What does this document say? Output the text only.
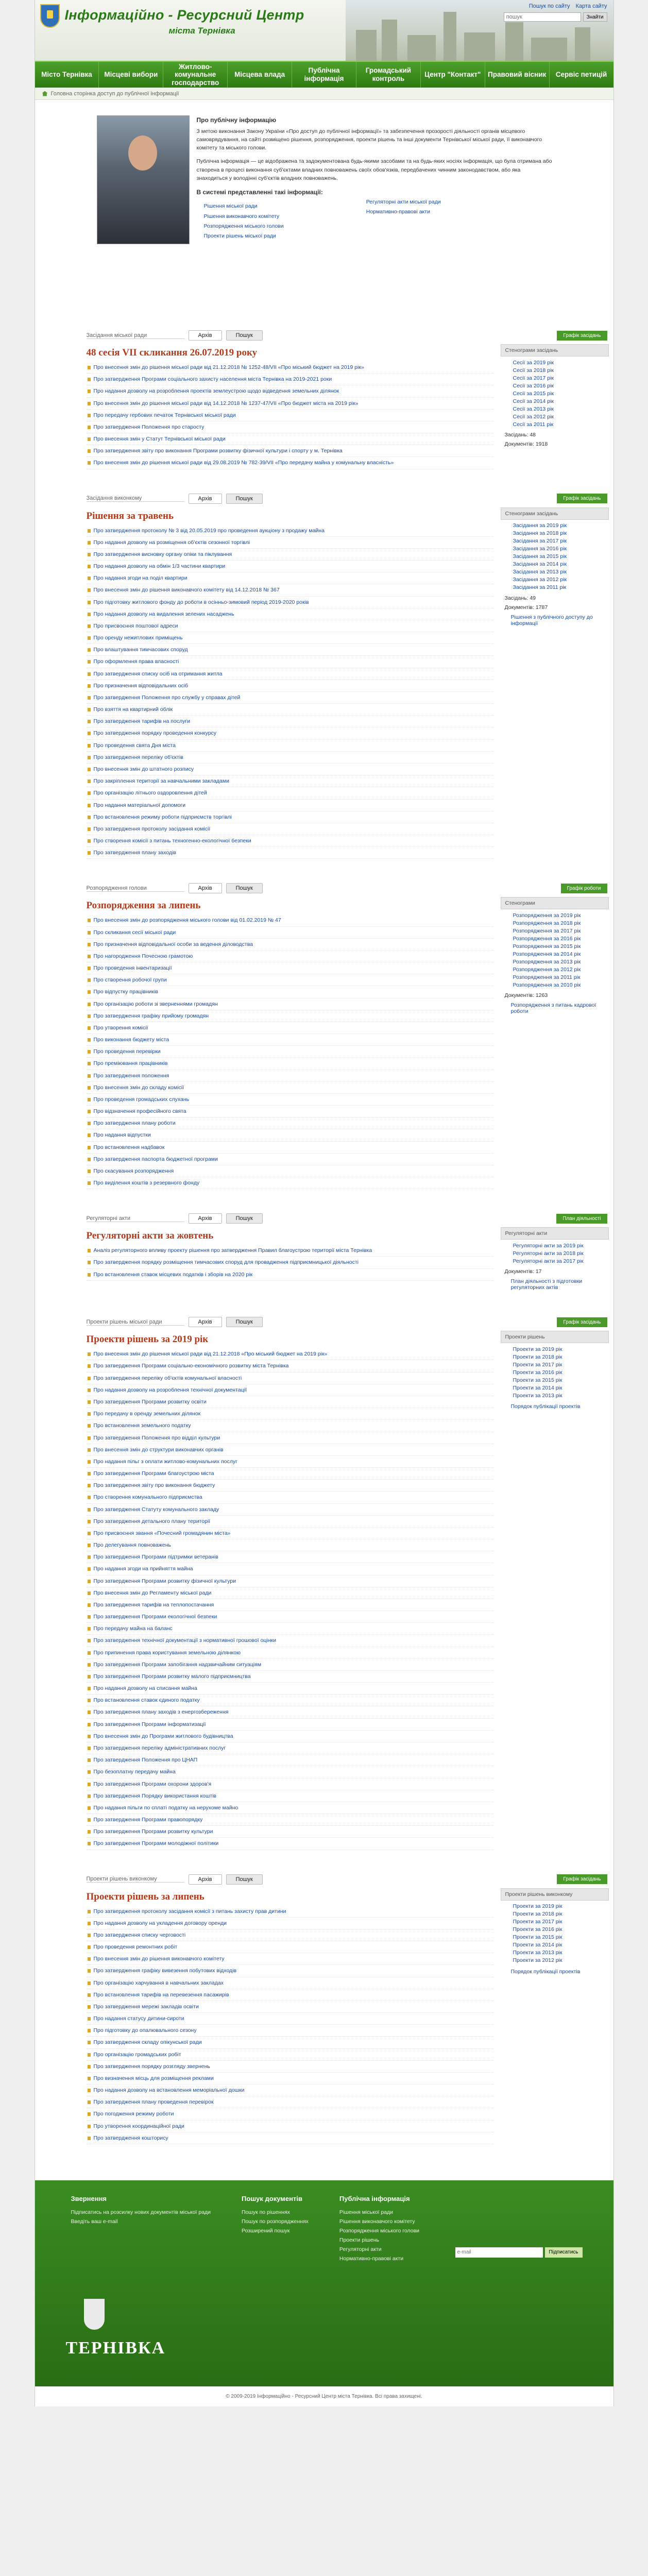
Інформаційно - Ресурсний Центр
міста Тернівка
Пошук по сайту Карта сайту
пошук
Знайти
Місто Тернівка	Місцеві вибори
Житлово-комунальне господарство
Місцева влада
Публічна інформація
Громадський контроль
Центр "Контакт"	Правовий вісник	Сервіс петицій
Головна сторінка доступ до публічної інформації
Про публічну інформацію

З метою виконання Закону України «Про доступ до публічної інформації» та забезпечення прозорості діяльності органів місцевого самоврядування, на сайті розміщено рішення, розпорядження, проекти рішень та інші документи Тернівської міської ради, її виконавчого комітету та міського голови.

Публічна інформація — це відображена та задокументована будь-якими засобами та на будь-яких носіях інформація, що була отримана або створена в процесі виконання суб'єктами владних повноважень своїх обов'язків, передбачених чинним законодавством, або яка знаходиться у володінні суб'єктів владних повноважень.

В системі представленні такі інформації:
Рішення міської ради
Рішення виконавчого комітету
Розпорядження міського голови
Проекти рішень міської ради
Регуляторні акти міської ради
Нормативно-правові акти
Засідання міської ради	Архів	Пошук	Графік засідань
48 сесія VII скликання 26.07.2019 року
Про внесення змін до рішення міської ради від 21.12.2018 № 1252-48/VII «Про міський бюджет на 2019 рік»
Про затвердження Програми соціального захисту населення міста Тернівка на 2019-2021 роки
Про надання дозволу на розроблення проектів землеустрою щодо відведення земельних ділянок
Про внесення змін до рішення міської ради від 14.12.2018 № 1237-47/VII «Про бюджет міста на 2019 рік»
Про передачу гербових печаток Тернівської міської ради
Про затвердження Положення про старосту
Про внесення змін у Статут Тернівської міської ради
Про затвердження звіту про виконання Програми розвитку фізичної культури і спорту у м. Тернівка
Про внесення змін до рішення міської ради від 29.08.2019 № 782-39/VII «Про передачу майна у комунальну власність»
Стенограми засідань
Сесії за 2019 рік
Сесії за 2018 рік
Сесії за 2017 рік
Сесії за 2016 рік
Сесії за 2015 рік
Сесії за 2014 рік
Сесії за 2013 рік
Сесії за 2012 рік
Сесії за 2011 рік
Засідань: 48
Документів: 1918
Засідання виконкому	Архів	Пошук	Графік засідань
Рішення за травень
Про затвердження протоколу № 3 від 20.05.2019 про проведення аукціону з продажу майна
Про надання дозволу на розміщення об'єктів сезонної торгівлі
Про затвердження висновку органу опіки та піклування
Про надання дозволу на обмін 1/3 частини квартири
Про надання згоди на поділ квартири
Про внесення змін до рішення виконавчого комітету від 14.12.2018 № 367
Про підготовку житлового фонду до роботи в осінньо-зимовий період 2019-2020 років
Про надання дозволу на видалення зелених насаджень
Про присвоєння поштової адреси
Про оренду нежитлових приміщень
Про влаштування тимчасових споруд
Про оформлення права власності
Про затвердження списку осіб на отримання житла
Про призначення відповідальних осіб
Про затвердження Положення про службу у справах дітей
Про взяття на квартирний облік
Про затвердження тарифів на послуги
Про затвердження порядку проведення конкурсу
Про проведення свята Дня міста
Про затвердження переліку об'єктів
Про внесення змін до штатного розпису
Про закріплення території за навчальними закладами
Про організацію літнього оздоровлення дітей
Про надання матеріальної допомоги
Про встановлення режиму роботи підприємств торгівлі
Про затвердження протоколу засідання комісії
Про створення комісії з питань техногенно-екологічної безпеки
Про затвердження плану заходів
Стенограми засідань
Засідання за 2019 рік
Засідання за 2018 рік
Засідання за 2017 рік
Засідання за 2016 рік
Засідання за 2015 рік
Засідання за 2014 рік
Засідання за 2013 рік
Засідання за 2012 рік
Засідання за 2011 рік
Засідань: 49
Документів: 1787
Рішення з публічного доступу до інформації
Розпорядження голови	Архів	Пошук	Графік роботи
Розпорядження за липень
Про внесення змін до розпорядження міського голови від 01.02.2019 № 47
Про скликання сесії міської ради
Про призначення відповідальної особи за ведення діловодства
Про нагородження Почесною грамотою
Про проведення інвентаризації
Про створення робочої групи
Про відпустку працівників
Про організацію роботи зі зверненнями громадян
Про затвердження графіку прийому громадян
Про утворення комісії
Про виконання бюджету міста
Про проведення перевірки
Про преміювання працівників
Про затвердження положення
Про внесення змін до складу комісії
Про проведення громадських слухань
Про відзначення професійного свята
Про затвердження плану роботи
Про надання відпустки
Про встановлення надбавок
Про затвердження паспорта бюджетної програми
Про скасування розпорядження
Про виділення коштів з резервного фонду
Стенограми
Розпорядження за 2019 рік
Розпорядження за 2018 рік
Розпорядження за 2017 рік
Розпорядження за 2016 рік
Розпорядження за 2015 рік
Розпорядження за 2014 рік
Розпорядження за 2013 рік
Розпорядження за 2012 рік
Розпорядження за 2011 рік
Розпорядження за 2010 рік
Документів: 1263
Розпорядження з питань кадрової роботи
Регуляторні акти	Архів	Пошук	План діяльності
Регуляторні акти за жовтень
Аналіз регуляторного впливу проекту рішення про затвердження Правил благоустрою території міста Тернівка
Про затвердження порядку розміщення тимчасових споруд для провадження підприємницької діяльності
Про встановлення ставок місцевих податків і зборів на 2020 рік
Регуляторні акти
Регуляторні акти за 2019 рік
Регуляторні акти за 2018 рік
Регуляторні акти за 2017 рік
Документів: 17
План діяльності з підготовки регуляторних актів
Проекти рішень міської ради	Архів	Пошук	Графік засідань
Проекти рішень за 2019 рік
Про внесення змін до рішення міської ради від 21.12.2018 «Про міський бюджет на 2019 рік»
Про затвердження Програми соціально-економічного розвитку міста Тернівка
Про затвердження переліку об'єктів комунальної власності
Про надання дозволу на розроблення технічної документації
Про затвердження Програми розвитку освіти
Про передачу в оренду земельних ділянок
Про встановлення земельного податку
Про затвердження Положення про відділ культури
Про внесення змін до структури виконавчих органів
Про надання пільг з оплати житлово-комунальних послуг
Про затвердження Програми благоустрою міста
Про затвердження звіту про виконання бюджету
Про створення комунального підприємства
Про затвердження Статуту комунального закладу
Про затвердження детального плану території
Про присвоєння звання «Почесний громадянин міста»
Про делегування повноважень
Про затвердження Програми підтримки ветеранів
Про надання згоди на прийняття майна
Про затвердження Програми розвитку фізичної культури
Про внесення змін до Регламенту міської ради
Про затвердження тарифів на теплопостачання
Про затвердження Програми екологічної безпеки
Про передачу майна на баланс
Про затвердження технічної документації з нормативної грошової оцінки
Про припинення права користування земельною ділянкою
Про затвердження Програми запобігання надзвичайним ситуаціям
Про затвердження Програми розвитку малого підприємництва
Про надання дозволу на списання майна
Про встановлення ставок єдиного податку
Про затвердження плану заходів з енергозбереження
Про затвердження Програми інформатизації
Про внесення змін до Програми житлового будівництва
Про затвердження переліку адміністративних послуг
Про затвердження Положення про ЦНАП
Про безоплатну передачу майна
Про затвердження Програми охорони здоров'я
Про затвердження Порядку використання коштів
Про надання пільги по сплаті податку на нерухоме майно
Про затвердження Програми правопорядку
Про затвердження Програми розвитку культури
Про затвердження Програми молодіжної політики
Проекти рішень
Проекти за 2019 рік
Проекти за 2018 рік
Проекти за 2017 рік
Проекти за 2016 рік
Проекти за 2015 рік
Проекти за 2014 рік
Проекти за 2013 рік
Порядок публікації проектів
Проекти рішень виконкому	Архів	Пошук	Графік засідань
Проекти рішень за липень
Про затвердження протоколу засідання комісії з питань захисту прав дитини
Про надання дозволу на укладення договору оренди
Про затвердження списку черговості
Про проведення ремонтних робіт
Про внесення змін до рішення виконавчого комітету
Про затвердження графіку вивезення побутових відходів
Про організацію харчування в навчальних закладах
Про встановлення тарифів на перевезення пасажирів
Про затвердження мережі закладів освіти
Про надання статусу дитини-сироти
Про підготовку до опалювального сезону
Про затвердження складу опікунської ради
Про організацію громадських робіт
Про затвердження порядку розгляду звернень
Про визначення місць для розміщення реклами
Про надання дозволу на встановлення меморіальної дошки
Про затвердження плану проведення перевірок
Про погодження режиму роботи
Про утворення координаційної ради
Про затвердження кошторису
Проекти рішень виконкому
Проекти за 2019 рік
Проекти за 2018 рік
Проекти за 2017 рік
Проекти за 2016 рік
Проекти за 2015 рік
Проекти за 2014 рік
Проекти за 2013 рік
Проекти за 2012 рік
Порядок публікації проектів
Звернення
Підписатись на розсилку нових документів міської ради
Введіть ваш e-mail
Пошук документів
Пошук по рішеннях
Пошук по розпорядженнях
Розширений пошук
Публічна інформація
Рішення міської ради
Рішення виконавчого комітету
Розпорядження міського голови
Проекти рішень
Регуляторні акти
Нормативно-правові акти
ТЕРНІВКА
e-mail
Підписатись
© 2009-2019 Інформаційно - Ресурсний Центр міста Тернівка. Всі права захищені.
